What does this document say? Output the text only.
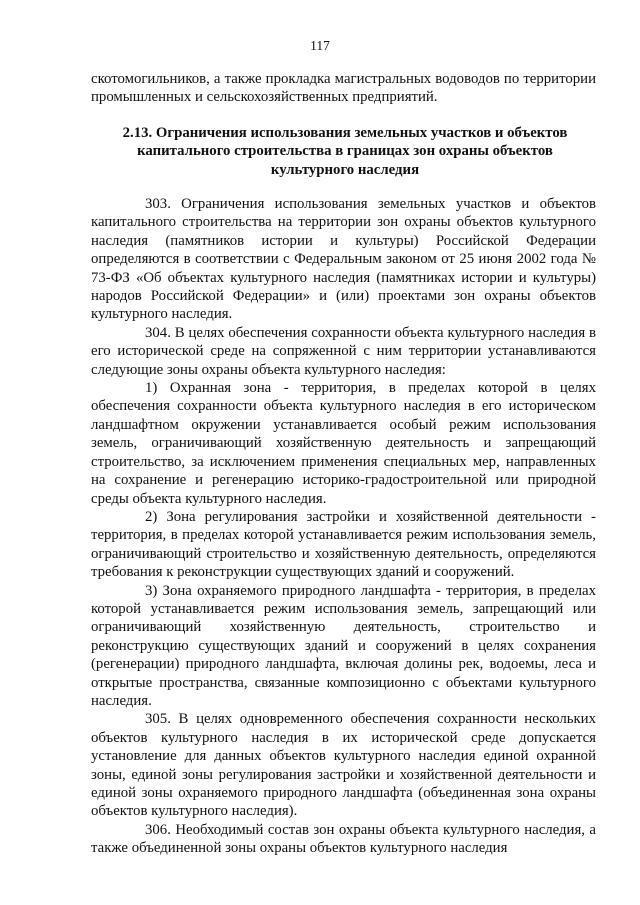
117

скотомогильников, а также прокладка магистральных водоводов по территории промышленных и сельскохозяйственных предприятий.

2.13. Ограничения использования земельных участков и объектов капитального строительства в границах зон охраны объектов культурного наследия

303. Ограничения использования земельных участков и объектов капитального строительства на территории зон охраны объектов культурного наследия (памятников истории и культуры) Российской Федерации определяются в соответствии с Федеральным законом от 25 июня 2002 года № 73-ФЗ «Об объектах культурного наследия (памятниках истории и культуры) народов Российской Федерации» и (или) проектами зон охраны объектов культурного наследия.

304. В целях обеспечения сохранности объекта культурного наследия в его исторической среде на сопряженной с ним территории устанавливаются следующие зоны охраны объекта культурного наследия:

1) Охранная зона - территория, в пределах которой в целях обеспечения сохранности объекта культурного наследия в его историческом ландшафтном окружении устанавливается особый режим использования земель, ограничивающий хозяйственную деятельность и запрещающий строительство, за исключением применения специальных мер, направленных на сохранение и регенерацию историко-градостроительной или природной среды объекта культурного наследия.

2) Зона регулирования застройки и хозяйственной деятельности - территория, в пределах которой устанавливается режим использования земель, ограничивающий строительство и хозяйственную деятельность, определяются требования к реконструкции существующих зданий и сооружений.

3) Зона охраняемого природного ландшафта - территория, в пределах которой устанавливается режим использования земель, запрещающий или ограничивающий хозяйственную деятельность, строительство и реконструкцию существующих зданий и сооружений в целях сохранения (регенерации) природного ландшафта, включая долины рек, водоемы, леса и открытые пространства, связанные композиционно с объектами культурного наследия.

305. В целях одновременного обеспечения сохранности нескольких объектов культурного наследия в их исторической среде допускается установление для данных объектов культурного наследия единой охранной зоны, единой зоны регулирования застройки и хозяйственной деятельности и единой зоны охраняемого природного ландшафта (объединенная зона охраны объектов культурного наследия).

306. Необходимый состав зон охраны объекта культурного наследия, а также объединенной зоны охраны объектов культурного наследия
